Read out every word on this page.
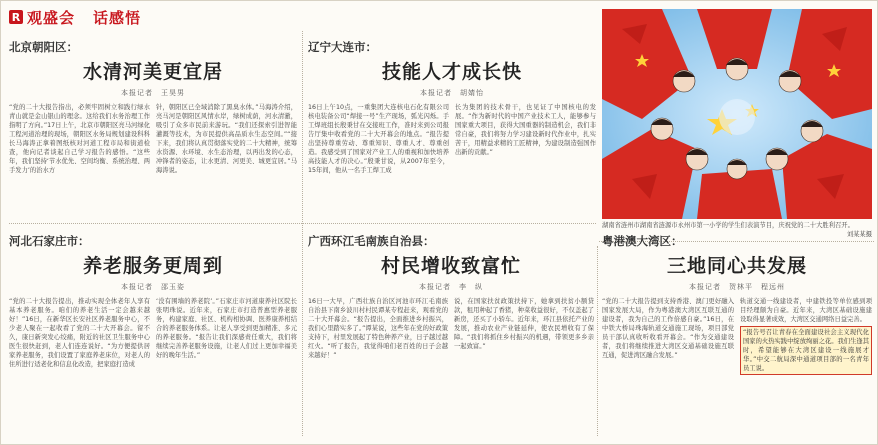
R 观盛会 话感悟
北京朝阳区：
水清河美更宜居
本报记者　王昊男
“党的二十大报告指出，必须牢固树立和践行绿水青山就是金山银山的理念。这给我们水务治理工作指明了方向。”17日上午，北京市朝阳区亮马河绿化工程河道治理的现场，朝阳区水务局规划建设科科长马海涛正拿着图纸核对河道工程市局和街道检查，他向记者谈起自己学习报告的感悟。“这些年，我们坚持‘节水优先、空间均衡、系统治理、两手发力’的治水方
针，朝阳区已全域消除了黑臭水体。”马海涛介绍，亮马河是朝阳区风情水岸，绿树成荫，河水清澈，吸引了众多市民前来游玩。“我们还探索引进智能灌溉等技术，为市民提供高品质水生态空间。”“接下来，我们将认真贯彻落实党的二十大精神，统筹水资源、水环境、水生态治理，以再出发的心态，冲锋者的姿态，让水更清、河更美、城更宜居。”马海涛说。
辽宁大连市：
技能人才成长快
本报记者　胡婧怡
16日上午10点，一重集团大连核电石化有限公司核电装备公司“焊接一号”生产现场，弧光闪烁。手工焊班组长殷秉甘在交接班工作，准时来到公司报告厅集中收看党的二十大开幕会的地点。“报告提出坚持尊重劳动、尊重知识、尊重人才、尊重创造。我感受到了国家对产业工人的重视和加快培养高技能人才的决心。”殷秉甘说，从2007年至今，15年间，他从一名手工焊工成
长为集团的技术骨干，也见证了中国核电的发展。“作为新时代的中国产业技术工人，能够参与国家重大项目，获得大国重器的制造机会，我们非常自豪，我们将努力学习建设新时代作业中，扎实苦干，用精益求精的工匠精神，为建设制造强国作出新的贡献。”
湖南省涟州市湖南省涟源市永州市第一小学的学生们表演节目，庆祝党的二十大胜利召开。
刘某某摄
河北石家庄市：
养老服务更周到
本报记者　邵玉姿
“党的二十大报告提出，推动实现全体老年人享有基本养老服务。咱们的养老生活一定会越来越好！”16日，在新华区长安社区养老服务中心，不少老人聚在一起收看了党的二十大开幕会。留不久，康日新突发心绞痛，附近的社区卫生服务中心医生很快赶到，老人们连连说好。“为方便提供居家养老服务，我们设置了家庭养老床位，对老人的住所进行适老化和信息化改造，把家庭打造成
‘没有围墙的养老院’。”石家庄市河道康养社区院长张明珠说。近年来，石家庄市打造普惠型养老服务，构建家庭、社区、机构相协调、医养康养相结合的养老服务体系。让老人享受到更加精准、多元的养老服务。“报告让我们深感责任重大，我们将继续完善养老服务设施，让老人们过上更加幸福美好的晚年生活。”
广西环江毛南族自治县：
村民增收致富忙
本报记者　李　纵
16日一大早，广西壮族自治区河池市环江毛南族自治县下南乡波川村村民谭某专程赶来，观看党的二十大开幕会。“报告提出，全面推进乡村振兴，我们心里踏实多了。”谭某说，这些年在党的好政策支持下，村里发展起了特色种养产业，日子越过越红火。“听了报告，我觉得咱们老百姓的日子会越来越好！”
说，在国家扶贫政策扶持下，她拿到扶贫小额贷款，租用种起了香猪，种菜收益很好，不仅盖起了新房，还买了小轿车。近年来，环江县依托产业的发展，推动农业产业链延伸，使农民增收有了保障。“我们将抓住乡村振兴的机遇，带领更多乡亲一起致富。”
粤港澳大湾区：
三地同心共发展
本报记者　贺林平　程远州
“党的二十大报告提到支持香港、澳门更好融入国家发展大局，作为粤港澳大湾区互联互通的建设者，我为自己的工作倍感自豪。”16日，在中铁大桥局珠海轨道交通施工现场，项目部党员干部认真收听收看开幕会。“作为交通建设者，我们将继续推进大湾区交通基础设施互联互通，促进湾区融合发展。”
轨道交通一线建设者，中建铁投等单位感到项目经理颇为自豪。近年来，大湾区基础设施建设取得显著成效，大湾区交通网络日益完善。
“报告号召让青春在全面建设社会主义现代化国家的火热实践中绽放绚丽之花。我们生逢其时，希望能够在大湾区建设一线施展才华。”中交二航局深中通道项目部的一名青年员工说。
